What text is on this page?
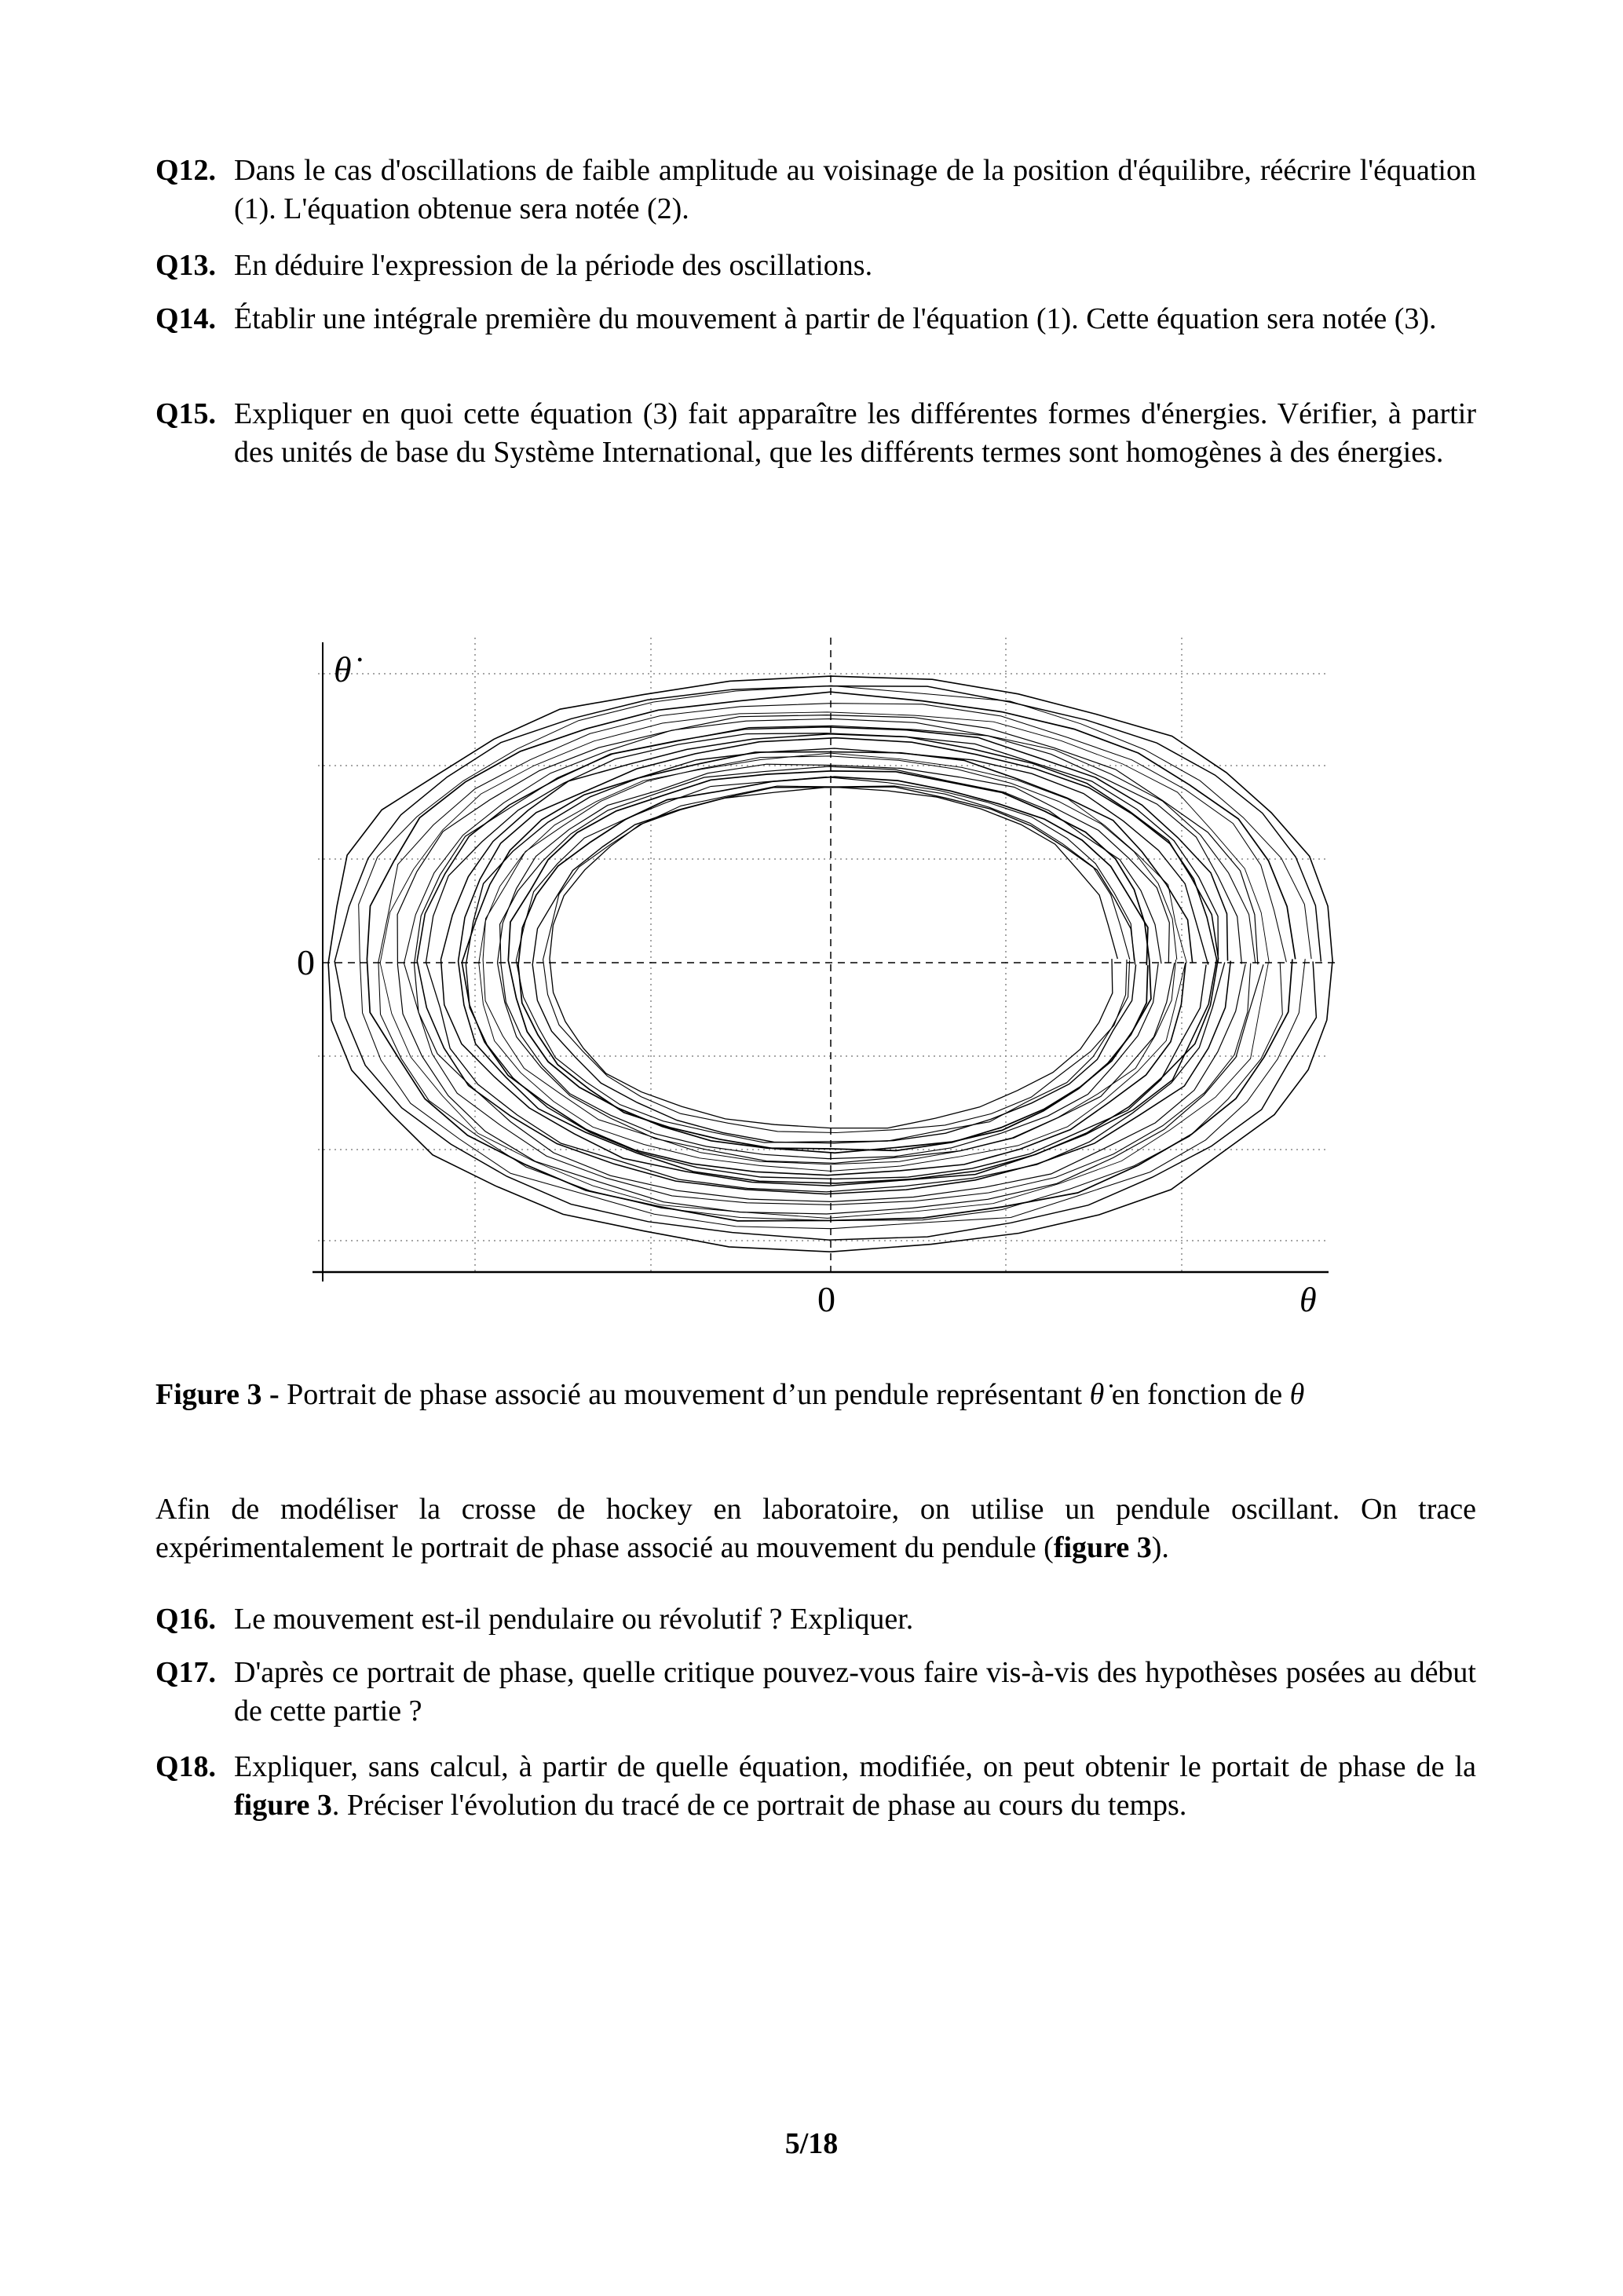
Q12. Dans le cas d'oscillations de faible amplitude au voisinage de la position d'équilibre, réécrire l'équation (1). L'équation obtenue sera notée (2).
Q13. En déduire l'expression de la période des oscillations.
Q14. Établir une intégrale première du mouvement à partir de l'équation (1). Cette équation sera notée (3).
Q15. Expliquer en quoi cette équation (3) fait apparaître les différentes formes d'énergies. Vérifier, à partir des unités de base du Système International, que les différents termes sont homogènes à des énergies.
θ̇
0
0	θ
Figure 3 - Portrait de phase associé au mouvement d’un pendule représentant θ̇ en fonction de θ
Afin de modéliser la crosse de hockey en laboratoire, on utilise un pendule oscillant. On trace expérimentalement le portrait de phase associé au mouvement du pendule (figure 3).
Q16. Le mouvement est-il pendulaire ou révolutif ? Expliquer.
Q17. D'après ce portrait de phase, quelle critique pouvez-vous faire vis-à-vis des hypothèses posées au début de cette partie ?
Q18. Expliquer, sans calcul, à partir de quelle équation, modifiée, on peut obtenir le portait de phase de la figure 3. Préciser l'évolution du tracé de ce portrait de phase au cours du temps.
5/18
